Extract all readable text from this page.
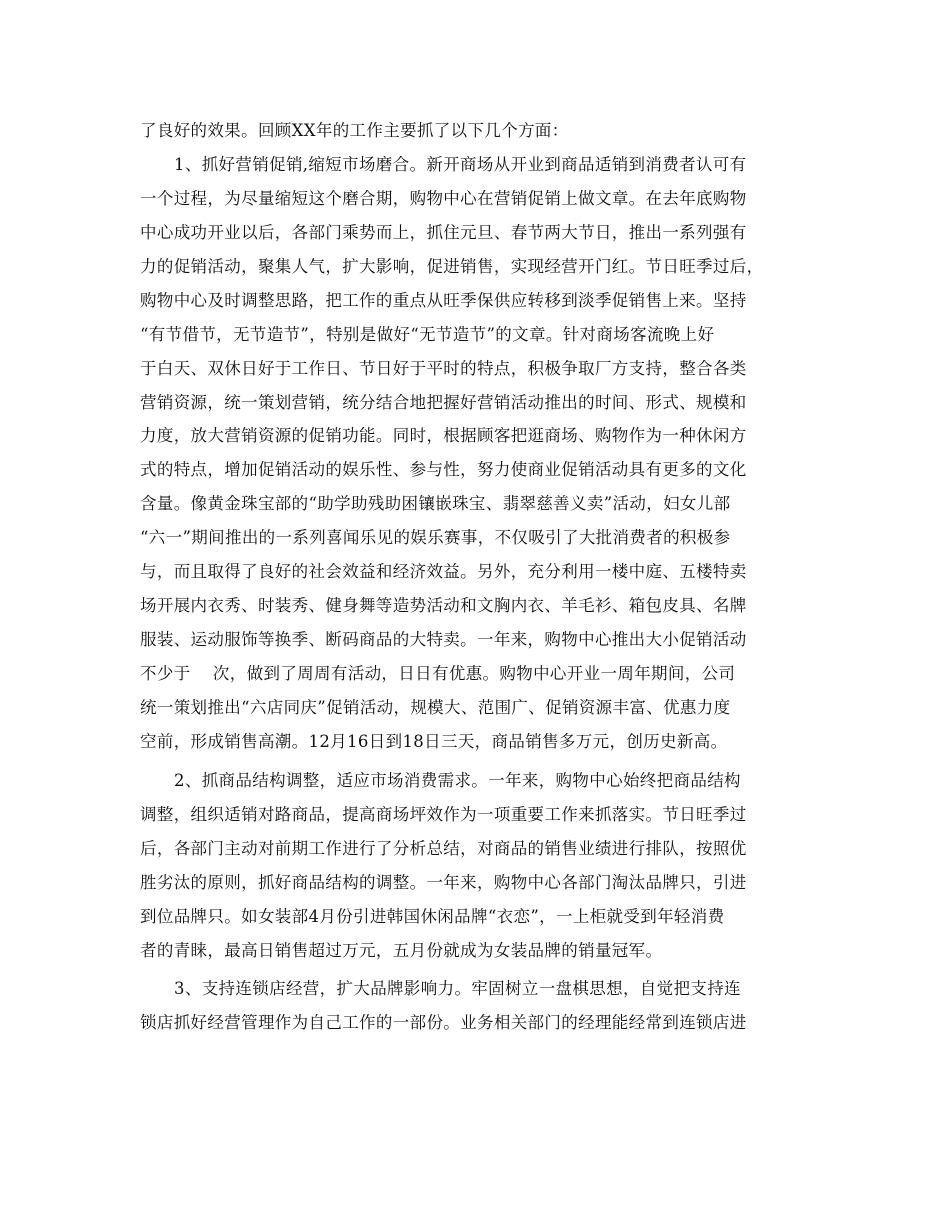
了良好的效果。回顾XX年的工作主要抓了以下几个方面：
1、抓好营销促销,缩短市场磨合。新开商场从开业到商品适销到消费者认可有
一个过程，为尽量缩短这个磨合期，购物中心在营销促销上做文章。在去年底购物
中心成功开业以后，各部门乘势而上，抓住元旦、春节两大节日，推出一系列强有
力的促销活动，聚集人气，扩大影响，促进销售，实现经营开门红。节日旺季过后，
购物中心及时调整思路，把工作的重点从旺季保供应转移到淡季促销售上来。坚持
“有节借节，无节造节”，特别是做好“无节造节”的文章。针对商场客流晚上好
于白天、双休日好于工作日、节日好于平时的特点，积极争取厂方支持，整合各类
营销资源，统一策划营销，统分结合地把握好营销活动推出的时间、形式、规模和
力度，放大营销资源的促销功能。同时，根据顾客把逛商场、购物作为一种休闲方
式的特点，增加促销活动的娱乐性、参与性，努力使商业促销活动具有更多的文化
含量。像黄金珠宝部的“助学助残助困镶嵌珠宝、翡翠慈善义卖”活动，妇女儿部
“六一”期间推出的一系列喜闻乐见的娱乐赛事，不仅吸引了大批消费者的积极参
与，而且取得了良好的社会效益和经济效益。另外，充分利用一楼中庭、五楼特卖
场开展内衣秀、时装秀、健身舞等造势活动和文胸内衣、羊毛衫、箱包皮具、名牌
服装、运动服饰等换季、断码商品的大特卖。一年来，购物中心推出大小促销活动
不少于    次，做到了周周有活动，日日有优惠。购物中心开业一周年期间，公司
统一策划推出“六店同庆”促销活动，规模大、范围广、促销资源丰富、优惠力度
空前，形成销售高潮。12月16日到18日三天，商品销售多万元，创历史新高。
2、抓商品结构调整，适应市场消费需求。一年来，购物中心始终把商品结构
调整，组织适销对路商品，提高商场坪效作为一项重要工作来抓落实。节日旺季过
后，各部门主动对前期工作进行了分析总结，对商品的销售业绩进行排队，按照优
胜劣汰的原则，抓好商品结构的调整。一年来，购物中心各部门淘汰品牌只，引进
到位品牌只。如女装部4月份引进韩国休闲品牌“衣恋”，一上柜就受到年轻消费
者的青睐，最高日销售超过万元，五月份就成为女装品牌的销量冠军。
3、支持连锁店经营，扩大品牌影响力。牢固树立一盘棋思想，自觉把支持连
锁店抓好经营管理作为自己工作的一部份。业务相关部门的经理能经常到连锁店进
